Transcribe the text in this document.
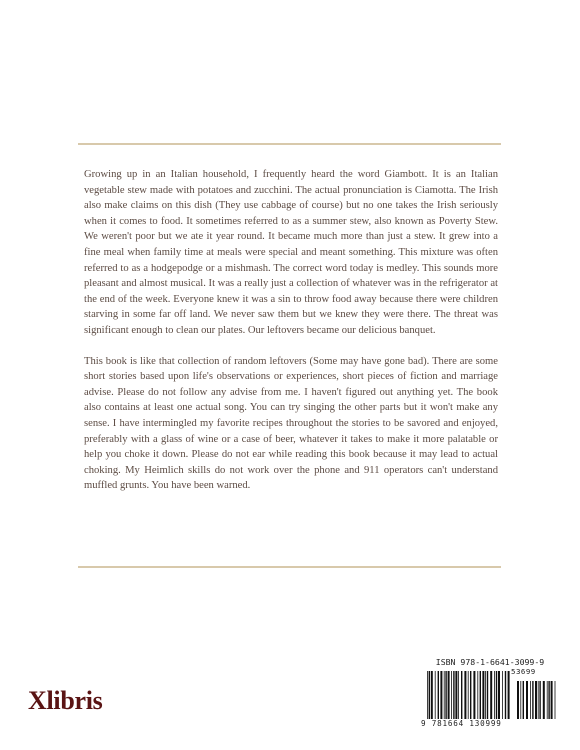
Growing up in an Italian household, I frequently heard the word Giambott. It is an Italian vegetable stew made with potatoes and zucchini. The actual pronunciation is Ciamotta. The Irish also make claims on this dish (They use cabbage of course) but no one takes the Irish seriously when it comes to food. It sometimes referred to as a summer stew, also known as Poverty Stew. We weren't poor but we ate it year round. It became much more than just a stew. It grew into a fine meal when family time at meals were special and meant something. This mixture was often referred to as a hodgepodge or a mishmash. The correct word today is medley. This sounds more pleasant and almost musical. It was a really just a collection of whatever was in the refrigerator at the end of the week. Everyone knew it was a sin to throw food away because there were children starving in some far off land. We never saw them but we knew they were there. The threat was significant enough to clean our plates. Our leftovers became our delicious banquet.

This book is like that collection of random leftovers (Some may have gone bad). There are some short stories based upon life's observations or experiences, short pieces of fiction and marriage advise. Please do not follow any advise from me. I haven't figured out anything yet. The book also contains at least one actual song. You can try singing the other parts but it won't make any sense. I have intermingled my favorite recipes throughout the stories to be savored and enjoyed, preferably with a glass of wine or a case of beer, whatever it takes to make it more palatable or help you choke it down. Please do not ear while reading this book because it may lead to actual choking. My Heimlich skills do not work over the phone and 911 operators can't understand muffled grunts. You have been warned.

Xlibris
ISBN 978-1-6641-3099-9
53699
9 781664 130999
